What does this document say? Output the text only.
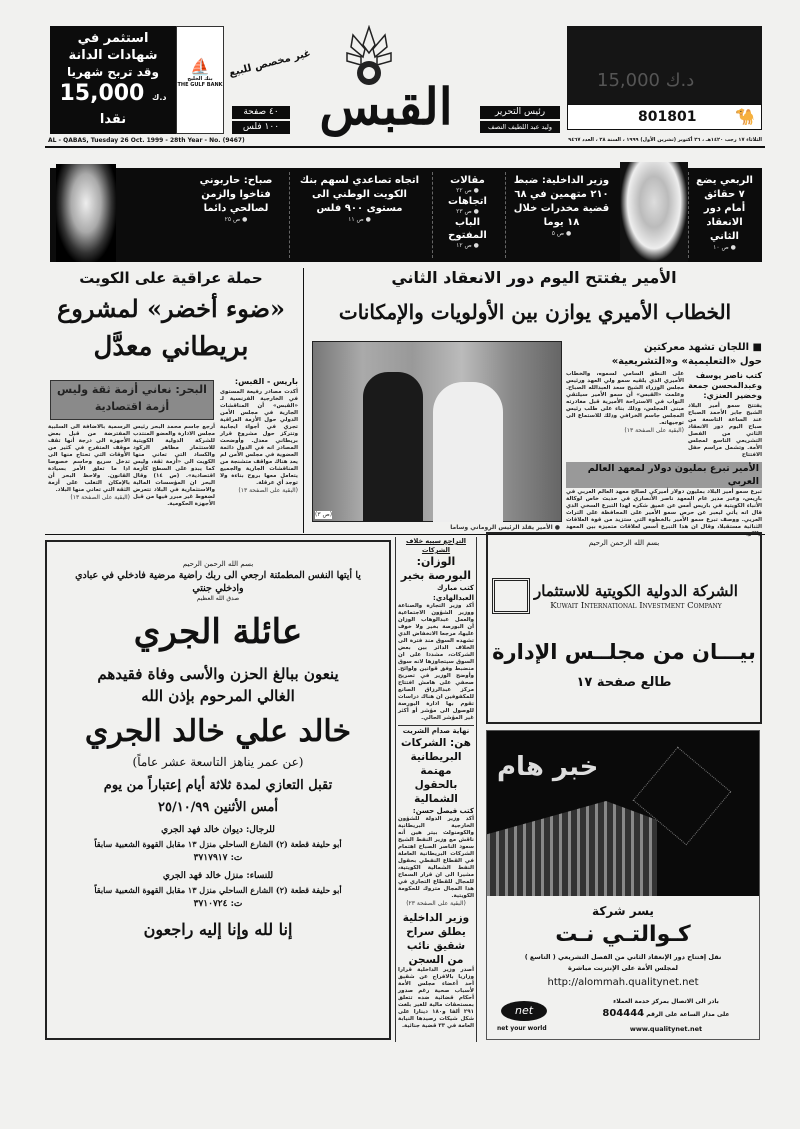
استثمر في
شهادات الدانة
وقد تربح شهريا
د.ك 15,000
نقدا
⛵
بنك الخليج
THE GULF BANK
غير مخصص للبيع
القبس
٤٠ صفحة
١٠٠ فلس
رئيس التحرير
وليد عبد اللطيف النصف
15,000 د.ك
801801 🐪
AL - QABAS, Tuesday 26 Oct. 1999 - 28th Year - No. (9467)	الثلاثاء ١٧ رجب ١٤٢٠هـ ، ٢٦ أكتوبر (تشرين الأول) ١٩٩٩ ، السنة ٢٨ ، العدد ٩٤٦٧
الربعي يضع ٧ حقائق أمام دور الانعقاد الثاني
● ص ١٠
وزير الداخلية: ضبط ٢١٠ متهمين في ٦٨ قضية مخدرات خلال ١٨ يوما
● ص ٥
مقالات
● ص ٢٢
اتجاهات
● ص ٢٣
الباب المفتوح
● ص ١٢
اتجاه تصاعدي لسهم بنك الكويت الوطني الى مستوى ٩٠٠ فلس
● ص ١١
صباح: حاربوني فتاخوا والزمن لصالحي دائما
● ص ٢٥
الأمير يفتتح اليوم دور الانعقاد الثاني
الخطاب الأميري يوازن بين الأولويات والإمكانات
(ص ٣)
● الأمير يقلد الرئيس الروماني وساما
■ اللجان تشهد معركتين
حول «التعليمية» و«التشريعية»
كتب ناصر يوسف وعبدالمحسن جمعة وخضير العنزي:
يفتتح سمو أمير البلاد الشيخ جابر الأحمد الصباح عند الساعة التاسعة من صباح اليوم دور الانعقاد الثاني من الفصل التشريعي التاسع لمجلس الأمة. وتشمل مراسم حفل الافتتاح
على النطق السامي لسموه، والخطاب الأميري الذي يلقيه سمو ولي العهد ورئيس مجلس الوزراء الشيخ سعد العبدالله الصباح. وعلمت «القبس» أن سمو الأمير سيلتقي النواب في الاستراحة الأميرية قبل مغادرته مبنى المجلس، وذلك بناء على طلب رئيس المجلس جاسم الخرافي وذلك للاستماع الى توجيهاته.
(البقية على الصفحة ١٣)
الأمير تبرع بمليون دولار لمعهد العالم العربي
تبرع سمو أمير البلاد بمليون دولار أميركي لصالح معهد العالم العربي في باريس، وعبر مدير عام المعهد ناصر الأنصاري في حديث خاص لوكالة الأنباء الكويتية في باريس أمس عن عميق شكره لهذا التبرع السخي الذي قال انه يأتي ليعبر عن حرص سمو الأمير على المحافظة على التراث العربي. ووصف تبرع سمو الأمير بالخطوة التي ستزيد من قوة العلاقات الثنائية مستقبلا، وقال ان هذا التبرع أسس لعلاقات متميزة بين المعهد
حملة عراقية على الكويت
«ضوء أخضر» لمشروع
بريطاني معدَّل
باريس - القبس:
أكدت مصادر رفيعة المستوى في الخارجية الفرنسية لـ «القبس» أن المناقشات الجارية في مجلس الأمن الدولي حول الأزمة العراقية تجري في أجواء ايجابية وتتركز حول مشروع قرار بريطاني معدل. وأوضحت المصادر انه في الدول دائمة العضوية في مجلس الأمن لم يعد هناك مواقف متشنجة من المناقشات الجارية والجميع يتعامل معها بروح بناءة ولا توجد أي عرقلة.
(البقية على الصفحة ١٣)
البحر: نعاني أزمة ثقة وليس أزمة اقتصادية
أرجع جاسم محمد البحر رئيس مجلس الادارة والعضو المنتدب للشركة الدولية الكويتية للاستثمار مظاهر الركود والكساد التي تعاني منها الكويت الى «أزمة ثقة، وليس كما يبدو على السطح كأزمة اقتصادية». (ص ١٤) وقال البحر ان المؤسسات المالية والاستثمارية في البلاد تتعرض لضغوط غير مبرر فيها من قبل الأجهزة الحكومية.
الرسمية بالاضافة الى السلبية المفترضة من قبل بعض الأجهزة الى درجة أنها تقف موقف المتفرج في كثير من الأوقات التي تحتاج منها الى تدخل سريع وحاسم خصوصا اذا ما تعلق الأمر بسيادة القانون. ولاحظ البحر أن بالإمكان التغلب على أزمة الثقة التي تعاني منها البلاد.
(البقية على الصفحة ١٣)
بسم الله الرحمن الرحيم
يا أيتها النفس المطمئنة ارجعي الى ربك راضية مرضية فادخلي في عبادي وادخلي جنتي
صدق الله العظيم
عائلة الجري
ينعون ببالغ الحزن والأسى وفاة فقيدهم
الغالي المرحوم بإذن الله
خالد علي خالد الجري
(عن عمر يناهز التاسعة عشر عاماً)
تقبل التعازي لمدة ثلاثة أيام إعتباراً من يوم
أمس الأثنين ٢٥/١٠/٩٩
للرجال: ديوان خالد فهد الجري
أبو حليفة قطعة (٢) الشارع الساحلي منزل ١٣ مقابل القهوة الشعبية سابقاً
ت: ٣٧١٧٩١٧
للنساء: منزل خالد فهد الجري
أبو حليفة قطعة (٢) الشارع الساحلي منزل ١٣ مقابل القهوة الشعبية سابقاً
ت: ٣٧١٠٧٢٤
إنا لله وإنا إليه راجعون
التراجع سببه خلاف الشركات
الوزان:
البورصة بخير
كتب مبارك العبدالهادي:
أكد وزير التجارة والصناعة ووزير الشؤون الاجتماعية والعمل عبدالوهاب الوزان أن البورصة بخير ولا خوف عليها، مرجعا الانخفاض الذي تشهده السوق منذ فترة الى الخلاف الدائر بين بعض الشركات، مشددا على ان السوق سيتجاوزها لانه سوق منضبط وفق قوانين ولوائح. وأوضح الوزير في تصريح صحفي على هامش افتتاح مركز عبدالرزاق الصانع للمكفوفين ان هناك دراسات تقوم بها ادارة البورصة للوصول الى مؤشر أو أكثر غير المؤشر الحالي.
نهاية صدام الشريت
هن: الشركات البريطانية مهتمة بالحقول الشمالية
كتب فيصل حسن:
أكد وزير الدولة للشؤون الخارجية البريطانية والكومنولث بيتر هين أنه ناقش مع وزير النفط الشيخ سعود الناصر الصباح اهتمام الشركات البريطانية العاملة في القطاع النفطي بحقول النفط الشمالية الكويتية، مشيرا الى ان قرار السماح للمجال للقطاع التجاري في هذا المجال متروك للحكومة الكويتية.
(البقية على الصفحة ٢٣)
وزير الداخلية يطلق سراح شقيق نائب من السجن
أصدر وزير الداخلية قرارا وزاريا بالافراج عن شقيق أحد أعضاء مجلس الأمة لأسباب صحية رغم صدور أحكام قضائية ضده تتعلق بمستحقات مالية للغير بلغت ٢٩١ ألفا و١٨٠ دينارا على شكل شيكات رصيدها النيابة العامة في ٣٣ قضية جنائية.
بسم الله الرحمن الرحيم
الشركة الدولية الكويتية للاستثمار
Kuwait International Investment Company
بيـــان من مجلــس الإدارة
طالع صفحة ١٧
خبر هام
يسر شركة
كـوالتـي نـت
نقل إفتتاح دور الإنعقاد الثاني من الفصل التشريعي ( التاسع )
لمجلس الأمة على الإنترنت مباشرة
http://alommah.qualitynet.net
net
net your world
بادر الى الاتصال بمركز خدمة العملاء
على مدار الساعة على الرقم 804444
www.qualitynet.net
